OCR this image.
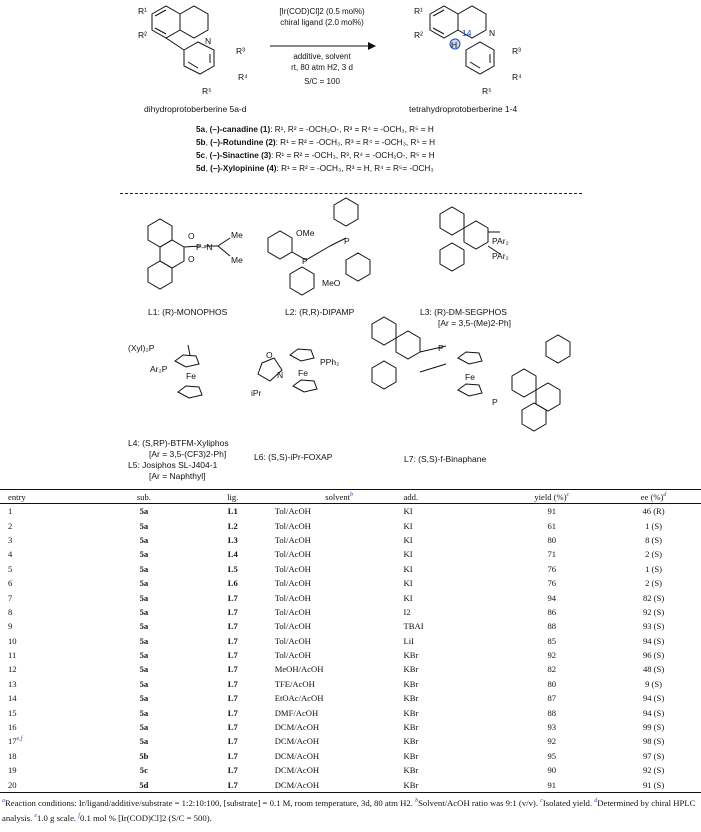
R¹
R²
N
R³
R⁴
R⁵
R¹
R²	14 N
H
R³
R⁴
R⁵
[Ir(COD)Cl]2 (0.5 mol%)
chiral ligand (2.0 mol%)
additive, solvent
rt, 80 atm H2, 3 d
S/C = 100
dihydroprotoberberine 5a-d	tetrahydroprotoberberine 1-4
5a, (–)-canadine (1): R¹, R² = -OCH₂O-, R³ = R⁴ = -OCH₃, R⁵ = H
5b, (–)-Rotundine (2): R¹ = R² = -OCH₃, R³ = R⁴ = -OCH₃, R⁵ = H
5c, (–)-Sinactine (3): R¹ = R² = -OCH₃, R³, R⁴ = -OCH₂O-, R⁵ = H
5d, (–)-Xylopinine (4): R¹ = R² = -OCH₃, R³ = H, R⁴ = R⁵= -OCH₃
O
P–N
O
Me
Me
OMe
P
P
MeO
PAr₂
PAr₂
(Xyl)₂P
Ar₂P
Fe
O
N
iPr
PPh₂
Fe
P
Fe
P
L1: (R)-MONOPHOS	L2: (R,R)-DIPAMP	L3: (R)-DM-SEGPHOS
[Ar = 3,5-(Me)2-Ph]
L4: (S,RP)-BTFM-Xyliphos
[Ar = 3,5-(CF3)2-Ph]
L5: Josiphos SL-J404-1
[Ar = Naphthyl]
L6: (S,S)-iPr-FOXAP	L7: (S,S)-f-Binaphane
entry	sub.	lig.	solvent$^b$	add.	yield (%)$^c$	ee (%)$^d$
1	5a	L1	Tol/AcOH	KI	91	46 (R)
2	5a	L2	Tol/AcOH	KI	61	1 (S)
3	5a	L3	Tol/AcOH	KI	80	8 (S)
4	5a	L4	Tol/AcOH	KI	71	2 (S)
5	5a	L5	Tol/AcOH	KI	76	1 (S)
6	5a	L6	Tol/AcOH	KI	76	2 (S)
7	5a	L7	Tol/AcOH	KI	94	82 (S)
8	5a	L7	Tol/AcOH	I2	86	92 (S)
9	5a	L7	Tol/AcOH	TBAI	88	93 (S)
10	5a	L7	Tol/AcOH	LiI	85	94 (S)
11	5a	L7	Tol/AcOH	KBr	92	96 (S)
12	5a	L7	MeOH/AcOH	KBr	82	48 (S)
13	5a	L7	TFE/AcOH	KBr	80	9 (S)
14	5a	L7	EtOAc/AcOH	KBr	87	94 (S)
15	5a	L7	DMF/AcOH	KBr	88	94 (S)
16	5a	L7	DCM/AcOH	KBr	93	99 (S)
17$^{e,f}$	5a	L7	DCM/AcOH	KBr	92	98 (S)
18	5b	L7	DCM/AcOH	KBr	95	97 (S)
19	5c	L7	DCM/AcOH	KBr	90	92 (S)
20	5d	L7	DCM/AcOH	KBr	91	91 (S)
$^a$Reaction conditions: Ir/ligand/additive/substrate = 1:2:10:100, [substrate] = 0.1 M, room temperature, 3d, 80 atm H2. $^b$Solvent/AcOH ratio was 9:1 (v/v). $^c$Isolated yield. $^d$Determined by chiral HPLC analysis. $^e$1.0 g scale. $^f$0.1 mol % [Ir(COD)Cl]2 (S/C = 500).
